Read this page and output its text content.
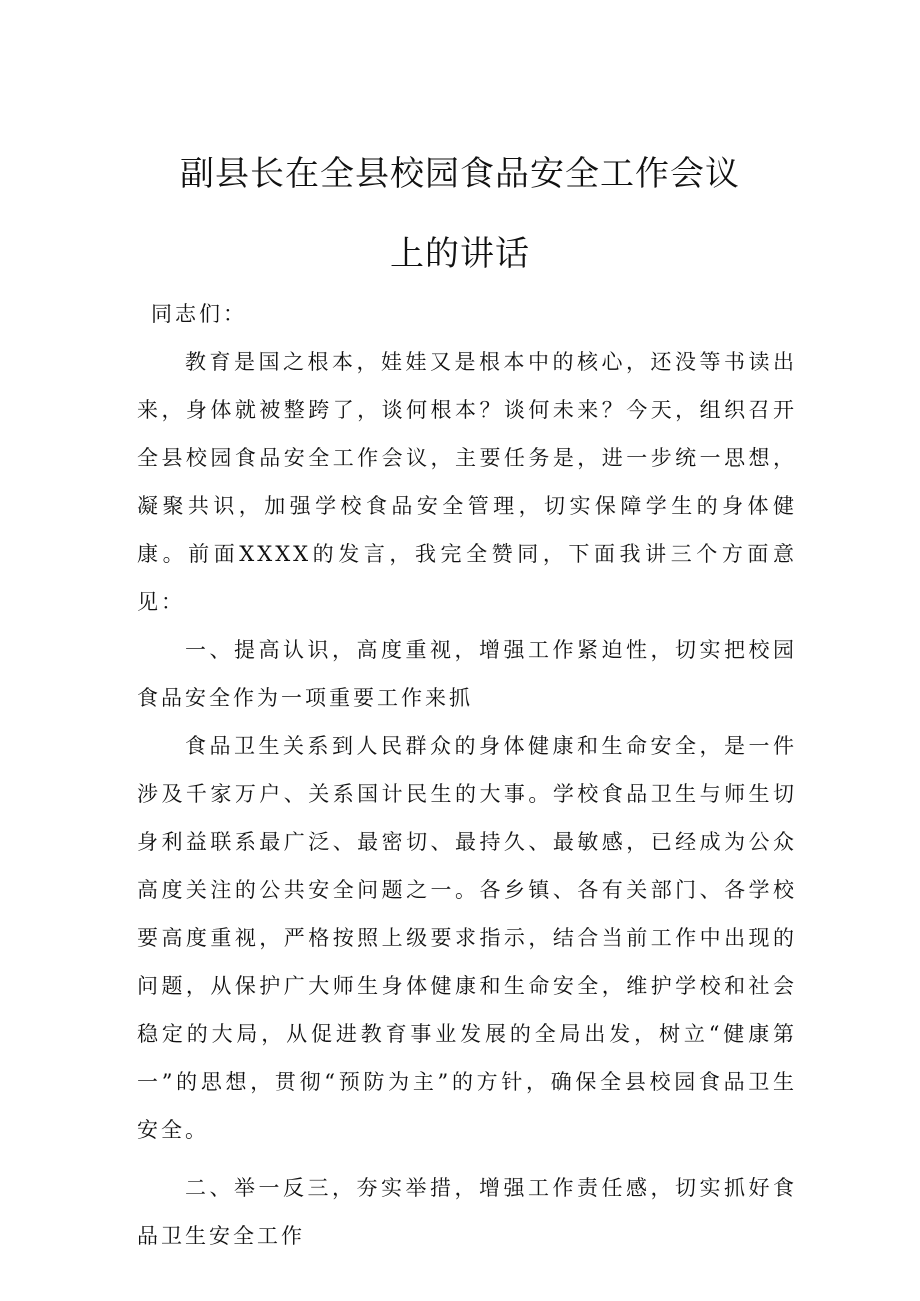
副县长在全县校园食品安全工作会议
上的讲话

同志们：

教育是国之根本，娃娃又是根本中的核心，还没等书读出来，身体就被整跨了，谈何根本？谈何未来？今天，组织召开全县校园食品安全工作会议，主要任务是，进一步统一思想，凝聚共识，加强学校食品安全管理，切实保障学生的身体健康。前面XXXX的发言，我完全赞同，下面我讲三个方面意见：

一、提高认识，高度重视，增强工作紧迫性，切实把校园食品安全作为一项重要工作来抓

食品卫生关系到人民群众的身体健康和生命安全，是一件涉及千家万户、关系国计民生的大事。学校食品卫生与师生切身利益联系最广泛、最密切、最持久、最敏感，已经成为公众高度关注的公共安全问题之一。各乡镇、各有关部门、各学校要高度重视，严格按照上级要求指示，结合当前工作中出现的问题，从保护广大师生身体健康和生命安全，维护学校和社会稳定的大局，从促进教育事业发展的全局出发，树立“健康第一”的思想，贯彻“预防为主”的方针，确保全县校园食品卫生安全。

二、举一反三，夯实举措，增强工作责任感，切实抓好食品卫生安全工作
